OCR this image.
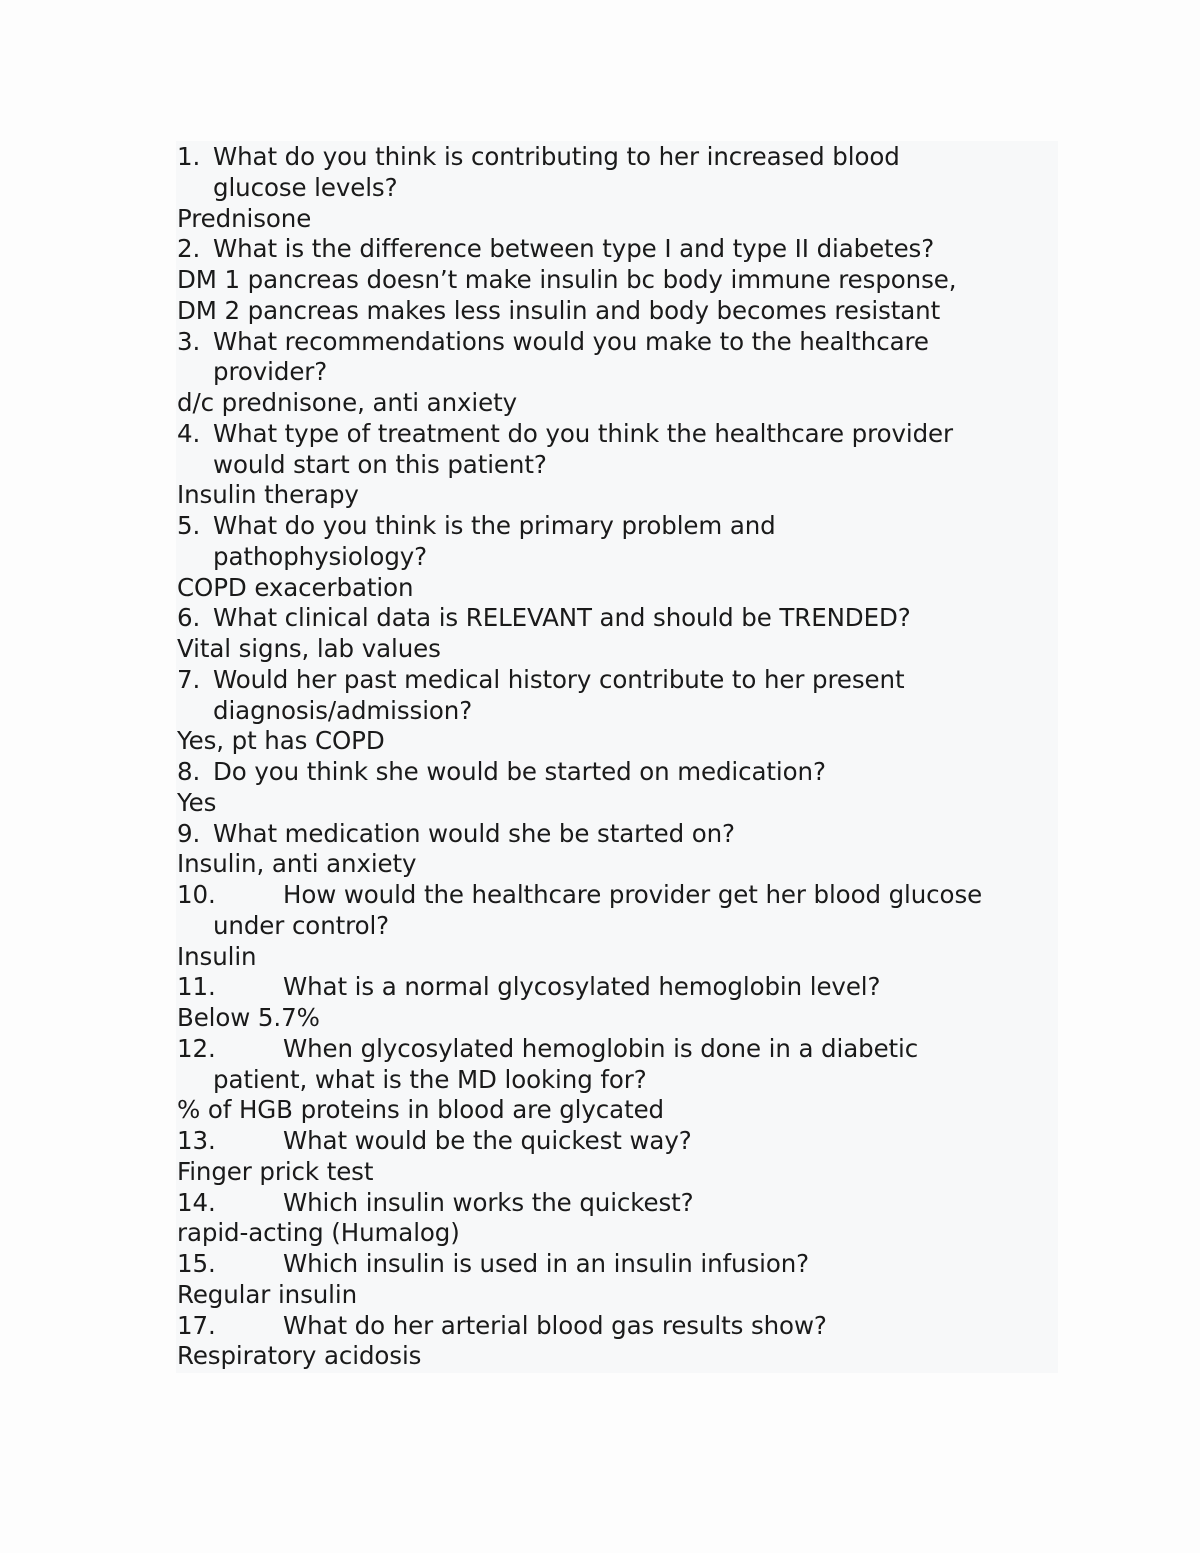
1. What do you think is contributing to her increased blood
glucose levels?
Prednisone
2. What is the difference between type I and type II diabetes?
DM 1 pancreas doesn’t make insulin bc body immune response,
DM 2 pancreas makes less insulin and body becomes resistant
3. What recommendations would you make to the healthcare
provider?
d/c prednisone, anti anxiety
4. What type of treatment do you think the healthcare provider
would start on this patient?
Insulin therapy
5. What do you think is the primary problem and
pathophysiology?
COPD exacerbation
6. What clinical data is RELEVANT and should be TRENDED?
Vital signs, lab values
7. Would her past medical history contribute to her present
diagnosis/admission?
Yes, pt has COPD
8. Do you think she would be started on medication?
Yes
9. What medication would she be started on?
Insulin, anti anxiety
10.	How would the healthcare provider get her blood glucose
under control?
Insulin
11.	What is a normal glycosylated hemoglobin level?
Below 5.7%
12.	When glycosylated hemoglobin is done in a diabetic
patient, what is the MD looking for?
% of HGB proteins in blood are glycated
13.	What would be the quickest way?
Finger prick test
14.	Which insulin works the quickest?
rapid-acting (Humalog)
15.	Which insulin is used in an insulin infusion?
Regular insulin
17.	What do her arterial blood gas results show?
Respiratory acidosis
